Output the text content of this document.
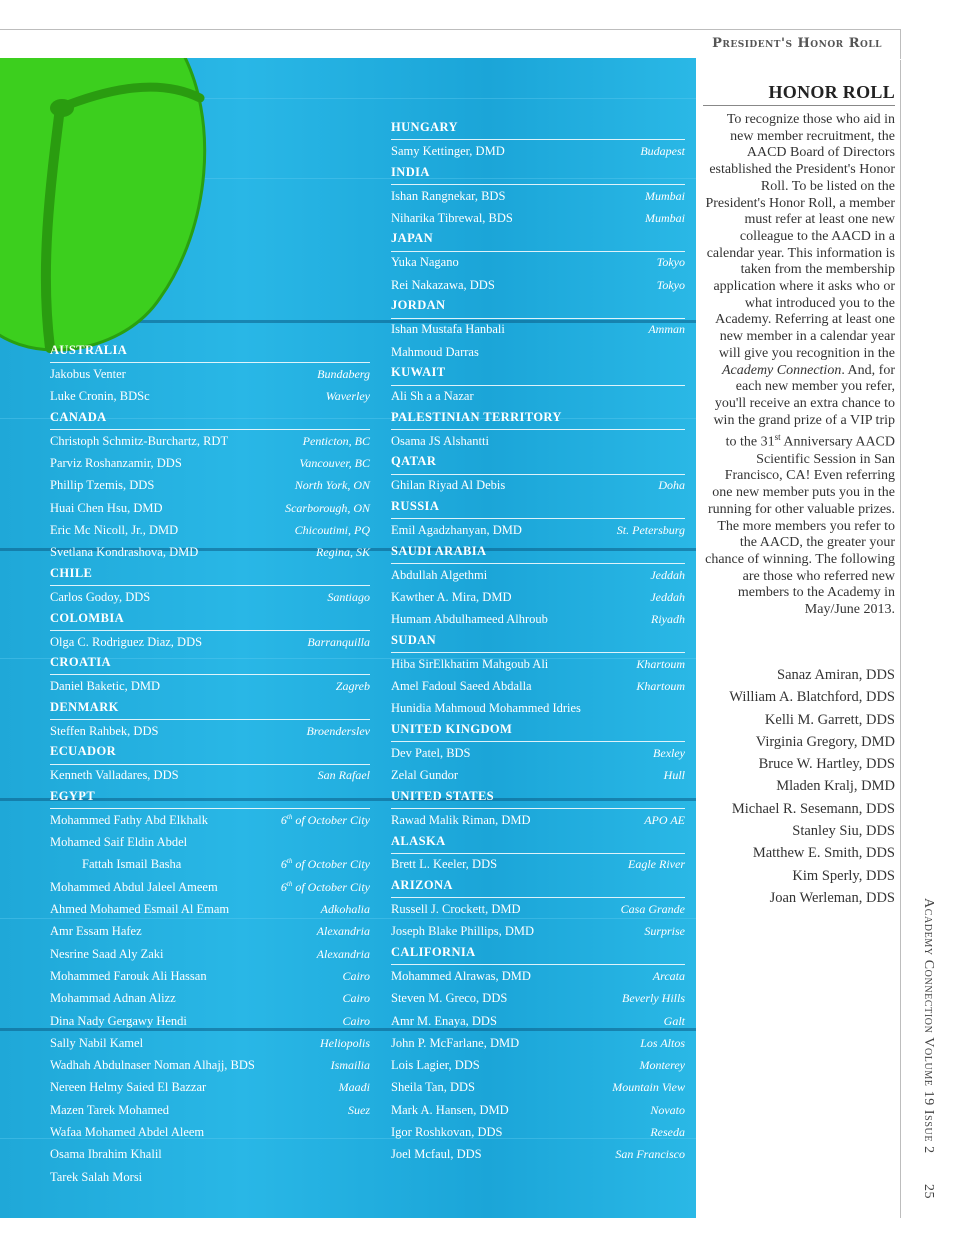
President's Honor Roll
AUSTRALIA
Jakobus Venter	Bundaberg
Luke Cronin, BDSc	Waverley
CANADA
Christoph Schmitz-Burchartz, RDT	Penticton, BC
Parviz Roshanzamir, DDS	Vancouver, BC
Phillip Tzemis, DDS	North York, ON
Huai Chen Hsu, DMD	Scarborough, ON
Eric Mc Nicoll, Jr., DMD	Chicoutimi, PQ
Svetlana Kondrashova, DMD	Regina, SK
CHILE
Carlos Godoy, DDS	Santiago
COLOMBIA
Olga C. Rodriguez Diaz, DDS	Barranquilla
CROATIA
Daniel Baketic, DMD	Zagreb
DENMARK
Steffen Rahbek, DDS	Broenderslev
ECUADOR
Kenneth Valladares, DDS	San Rafael
EGYPT
Mohammed Fathy Abd Elkhalk	6th of October City
Mohamed Saif Eldin Abdel
Fattah Ismail Basha	6th of October City
Mohammed Abdul Jaleel Ameem	6th of October City
Ahmed Mohamed Esmail Al Emam	Adkohalia
Amr Essam Hafez	Alexandria
Nesrine Saad Aly Zaki	Alexandria
Mohammed Farouk Ali Hassan	Cairo
Mohammad Adnan Alizz	Cairo
Dina Nady Gergawy Hendi	Cairo
Sally Nabil Kamel	Heliopolis
Wadhah Abdulnaser Noman Alhajj, BDS	Ismailia
Nereen Helmy Saied El Bazzar	Maadi
Mazen Tarek Mohamed	Suez
Wafaa Mohamed Abdel Aleem
Osama Ibrahim Khalil
Tarek Salah Morsi
HUNGARY
Samy Kettinger, DMD	Budapest
INDIA
Ishan Rangnekar, BDS	Mumbai
Niharika Tibrewal, BDS	Mumbai
JAPAN
Yuka Nagano	Tokyo
Rei Nakazawa, DDS	Tokyo
JORDAN
Ishan Mustafa Hanbali	Amman
Mahmoud Darras
KUWAIT
Ali Sh a a Nazar
PALESTINIAN TERRITORY
Osama JS Alshantti
QATAR
Ghilan Riyad Al Debis	Doha
RUSSIA
Emil Agadzhanyan, DMD	St. Petersburg
SAUDI ARABIA
Abdullah Algethmi	Jeddah
Kawther A. Mira, DMD	Jeddah
Humam Abdulhameed Alhroub	Riyadh
SUDAN
Hiba SirElkhatim Mahgoub Ali	Khartoum
Amel Fadoul Saeed Abdalla	Khartoum
Hunidia Mahmoud Mohammed Idries
UNITED KINGDOM
Dev Patel, BDS	Bexley
Zelal Gundor	Hull
UNITED STATES
Rawad Malik Riman, DMD	APO AE
ALASKA
Brett L. Keeler, DDS	Eagle River
ARIZONA
Russell J. Crockett, DMD	Casa Grande
Joseph Blake Phillips, DMD	Surprise
CALIFORNIA
Mohammed Alrawas, DMD	Arcata
Steven M. Greco, DDS	Beverly Hills
Amr M. Enaya, DDS	Galt
John P. McFarlane, DMD	Los Altos
Lois Lagier, DDS	Monterey
Sheila Tan, DDS	Mountain View
Mark A. Hansen, DMD	Novato
Igor Roshkovan, DDS	Reseda
Joel Mcfaul, DDS	San Francisco
HONOR ROLL
To recognize those who aid in new member recruitment, the AACD Board of Directors established the President's Honor Roll. To be listed on the President's Honor Roll, a member must refer at least one new colleague to the AACD in a calendar year. This information is taken from the membership application where it asks who or what introduced you to the Academy. Referring at least one new member in a calendar year will give you recognition in the Academy Connection. And, for each new member you refer, you'll receive an extra chance to win the grand prize of a VIP trip to the 31st Anniversary AACD Scientific Session in San Francisco, CA! Even referring one new member puts you in the running for other valuable prizes. The more members you refer to the AACD, the greater your chance of winning. The following are those who referred new members to the Academy in May/June 2013.
Sanaz Amiran, DDS
William A. Blatchford, DDS
Kelli M. Garrett, DDS
Virginia Gregory, DMD
Bruce W. Hartley, DDS
Mladen Kralj, DMD
Michael R. Sesemann, DDS
Stanley Siu, DDS
Matthew E. Smith, DDS
Kim Sperly, DDS
Joan Werleman, DDS
Academy Connection Volume 19 Issue 2  25
